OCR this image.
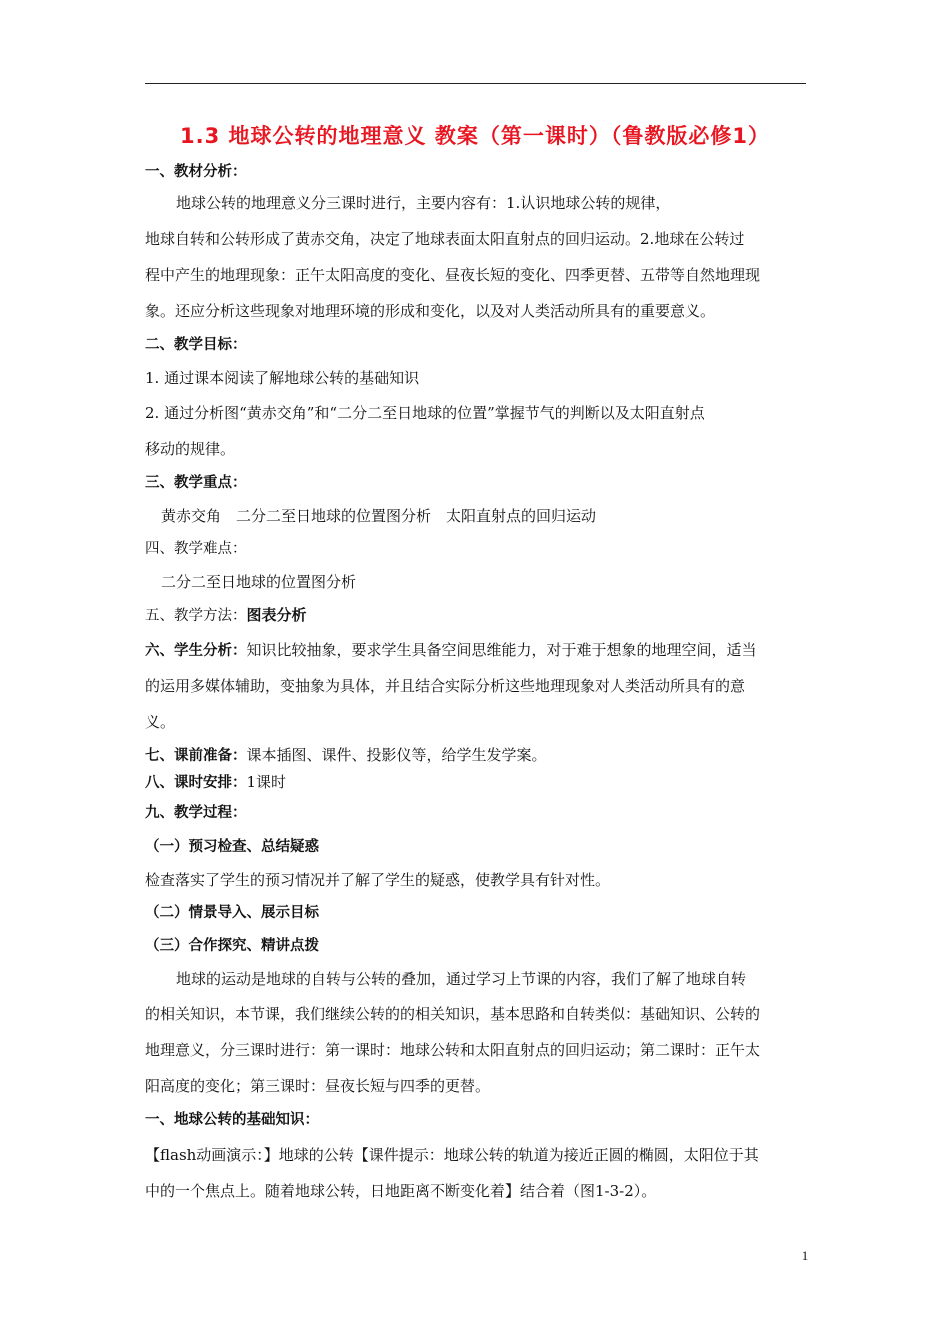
1.3 地球公转的地理意义 教案（第一课时）（鲁教版必修1）
一、教材分析：
地球公转的地理意义分三课时进行，主要内容有：1.认识地球公转的规律，
地球自转和公转形成了黄赤交角，决定了地球表面太阳直射点的回归运动。2.地球在公转过
程中产生的地理现象：正午太阳高度的变化、昼夜长短的变化、四季更替、五带等自然地理现
象。还应分析这些现象对地理环境的形成和变化，以及对人类活动所具有的重要意义。
二、教学目标：
1. 通过课本阅读了解地球公转的基础知识
2. 通过分析图“黄赤交角”和“二分二至日地球的位置”掌握节气的判断以及太阳直射点
移动的规律。
三、教学重点：
黄赤交角　二分二至日地球的位置图分析　太阳直射点的回归运动
四、教学难点：
二分二至日地球的位置图分析
五、教学方法：图表分析
六、学生分析：知识比较抽象，要求学生具备空间思维能力，对于难于想象的地理空间，适当
的运用多媒体辅助，变抽象为具体，并且结合实际分析这些地理现象对人类活动所具有的意
义。
七、课前准备：课本插图、课件、投影仪等，给学生发学案。
八、课时安排：1课时
九、教学过程：
（一）预习检查、总结疑惑
检查落实了学生的预习情况并了解了学生的疑惑，使教学具有针对性。
（二）情景导入、展示目标
（三）合作探究、精讲点拨
地球的运动是地球的自转与公转的叠加，通过学习上节课的内容，我们了解了地球自转
的相关知识，本节课，我们继续公转的的相关知识，基本思路和自转类似：基础知识、公转的
地理意义，分三课时进行：第一课时：地球公转和太阳直射点的回归运动；第二课时：正午太
阳高度的变化；第三课时：昼夜长短与四季的更替。
一、地球公转的基础知识：
【flash动画演示：】地球的公转【课件提示：地球公转的轨道为接近正圆的椭圆，太阳位于其
中的一个焦点上。随着地球公转，日地距离不断变化着】结合着（图1-3-2）。
1
